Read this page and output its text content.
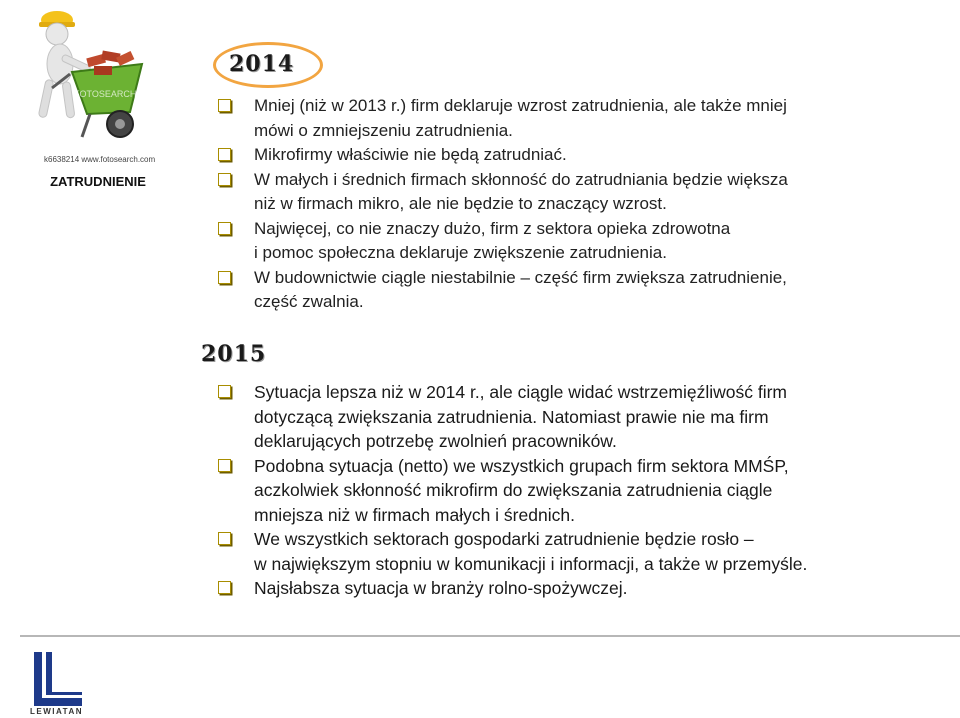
FOTOSEARCH
k6638214 www.fotosearch.com
ZATRUDNIENIE
2014
Mniej (niż w 2013 r.) firm deklaruje wzrost zatrudnienia, ale także mniej
mówi o zmniejszeniu zatrudnienia.
Mikrofirmy właściwie nie będą zatrudniać.
W małych i średnich firmach skłonność do zatrudniania będzie większa
niż w firmach mikro, ale nie będzie to znaczący wzrost.
Najwięcej, co nie znaczy dużo, firm z sektora opieka zdrowotna
i pomoc społeczna deklaruje zwiększenie zatrudnienia.
W budownictwie ciągle niestabilnie – część firm zwiększa zatrudnienie,
część zwalnia.
2015
Sytuacja lepsza niż w 2014 r., ale ciągle widać wstrzemięźliwość firm
dotyczącą zwiększania zatrudnienia. Natomiast prawie nie ma firm
deklarujących potrzebę zwolnień pracowników.
Podobna sytuacja (netto) we wszystkich grupach firm sektora MMŚP,
aczkolwiek skłonność mikrofirm do zwiększania zatrudnienia ciągle
mniejsza niż w firmach małych i średnich.
We wszystkich sektorach gospodarki zatrudnienie będzie rosło –
w największym stopniu w komunikacji i informacji, a także w przemyśle.
Najsłabsza sytuacja w branży rolno-spożywczej.
LEWIATAN
